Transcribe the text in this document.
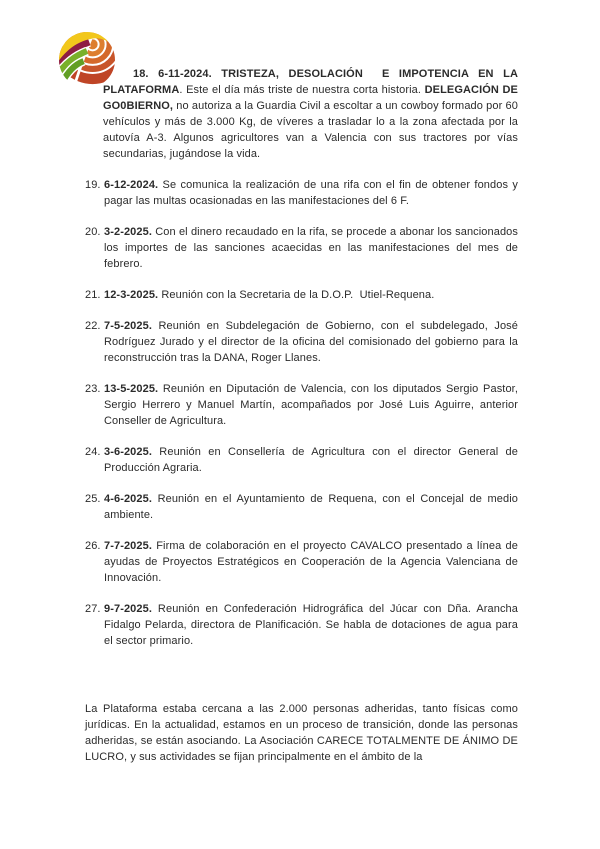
18. 6-11-2024. TRISTEZA, DESOLACIÓN  E IMPOTENCIA EN LA PLATAFORMA. Este el día más triste de nuestra corta historia. DELEGACIÓN DE GO0BIERNO, no autoriza a la Guardia Civil a escoltar a un cowboy formado por 60 vehículos y más de 3.000 Kg, de víveres a trasladar lo a la zona afectada por la autovía A-3. Algunos agricultores van a Valencia con sus tractores por vías secundarias, jugándose la vida.

19. 6-12-2024. Se comunica la realización de una rifa con el fin de obtener fondos y pagar las multas ocasionadas en las manifestaciones del 6 F.
20. 3-2-2025. Con el dinero recaudado en la rifa, se procede a abonar los sancionados los importes de las sanciones acaecidas en las manifestaciones del mes de febrero.
21. 12-3-2025. Reunión con la Secretaria de la D.O.P.  Utiel-Requena.
22. 7-5-2025. Reunión en Subdelegación de Gobierno, con el subdelegado, José Rodríguez Jurado y el director de la oficina del comisionado del gobierno para la reconstrucción tras la DANA, Roger Llanes.
23. 13-5-2025. Reunión en Diputación de Valencia, con los diputados Sergio Pastor, Sergio Herrero y Manuel Martín, acompañados por José Luis Aguirre, anterior Conseller de Agricultura.
24. 3-6-2025. Reunión en Consellería de Agricultura con el director General de Producción Agraria.
25. 4-6-2025. Reunión en el Ayuntamiento de Requena, con el Concejal de medio ambiente.
26. 7-7-2025. Firma de colaboración en el proyecto CAVALCO presentado a línea de ayudas de Proyectos Estratégicos en Cooperación de la Agencia Valenciana de Innovación.
27. 9-7-2025. Reunión en Confederación Hidrográfica del Júcar con Dña. Arancha Fidalgo Pelarda, directora de Planificación. Se habla de dotaciones de agua para el sector primario.

La Plataforma estaba cercana a las 2.000 personas adheridas, tanto físicas como jurídicas. En la actualidad, estamos en un proceso de transición, donde las personas adheridas, se están asociando. La Asociación CARECE TOTALMENTE DE ÁNIMO DE LUCRO, y sus actividades se fijan principalmente en el ámbito de la
